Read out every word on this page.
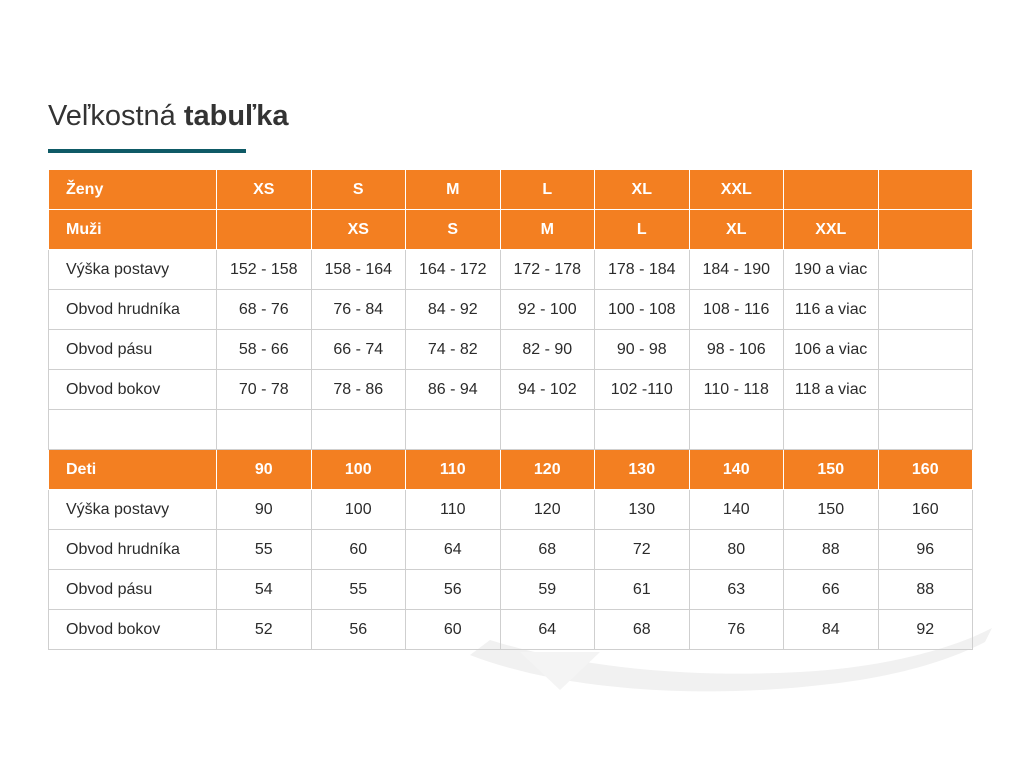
Veľkostná tabuľka
Ženy	XS	S	M	L	XL	XXL		
Muži		XS	S	M	L	XL	XXL	
Výška postavy	152 - 158	158 - 164	164 - 172	172 - 178	178 - 184	184 - 190	190 a viac	
Obvod hrudníka	68 - 76	76 - 84	84 - 92	92 - 100	100 - 108	108 - 116	116 a viac	
Obvod pásu	58 - 66	66 - 74	74 - 82	82 - 90	90 - 98	98 - 106	106 a viac	
Obvod bokov	70 - 78	78 - 86	86 - 94	94 - 102	102 -110	110 - 118	118 a viac	

Deti	90	100	110	120	130	140	150	160
Výška postavy	90	100	110	120	130	140	150	160
Obvod hrudníka	55	60	64	68	72	80	88	96
Obvod pásu	54	55	56	59	61	63	66	88
Obvod bokov	52	56	60	64	68	76	84	92
